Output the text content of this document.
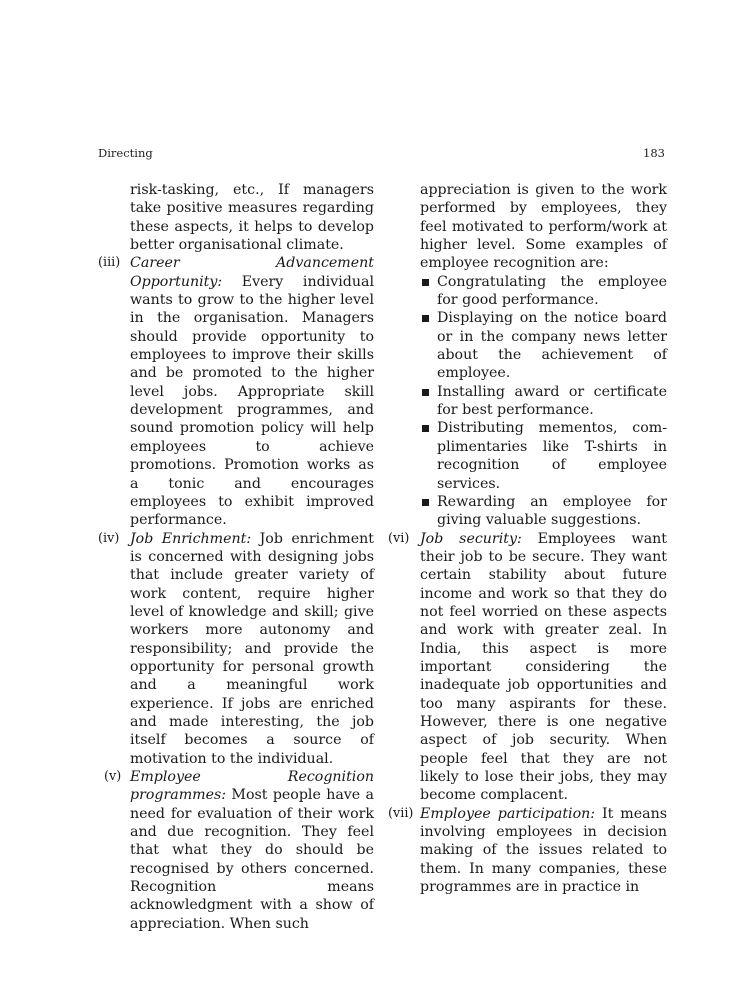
Directing	183

risk-tasking, etc., If managers take positive measures regarding these aspects, it helps to develop better organisational climate.

(iii) Career Advancement Opportunity: Every individual wants to grow to the higher level in the organisation. Managers should provide opportunity to employees to improve their skills and be promoted to the higher level jobs. Appropriate skill development programmes, and sound promotion policy will help employees to achieve promotions. Promotion works as a tonic and encourages employees to exhibit improved performance.

(iv) Job Enrichment: Job enrichment is concerned with designing jobs that include greater variety of work content, require higher level of knowledge and skill; give workers more autonomy and responsibility; and provide the opportunity for personal growth and a meaningful work experience. If jobs are enriched and made interesting, the job itself becomes a source of motivation to the individual.

(v) Employee Recognition programmes: Most people have a need for evaluation of their work and due recognition. They feel that what they do should be recognised by others concerned. Recognition means acknowledgment with a show of appreciation. When such

appreciation is given to the work performed by employees, they feel motivated to perform/work at higher level. Some examples of employee recognition are:

Congratulating the employee for good performance.
Displaying on the notice board or in the company news letter about the achievement of employee.
Installing award or certificate for best performance.
Distributing mementos, com-plimentaries like T-shirts in recognition of employee services.
Rewarding an employee for giving valuable suggestions.

(vi) Job security: Employees want their job to be secure. They want certain stability about future income and work so that they do not feel worried on these aspects and work with greater zeal. In India, this aspect is more important considering the inadequate job opportunities and too many aspirants for these. However, there is one negative aspect of job security. When people feel that they are not likely to lose their jobs, they may become complacent.

(vii) Employee participation: It means involving employees in decision making of the issues related to them. In many companies, these programmes are in practice in
